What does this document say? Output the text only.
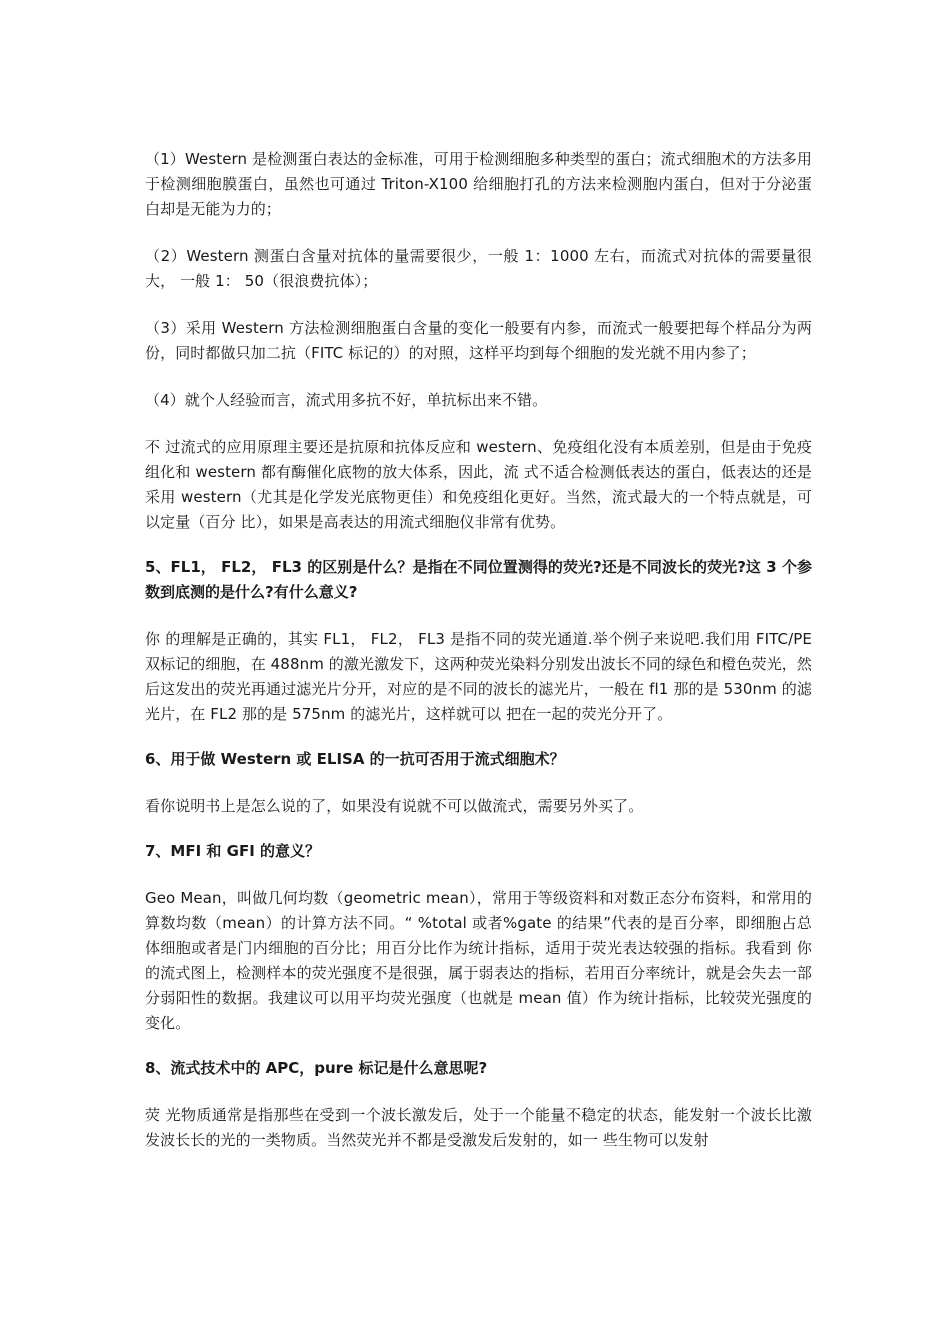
（1）Western 是检测蛋白表达的金标准，可用于检测细胞多种类型的蛋白；流式细胞术的方法多用于检测细胞膜蛋白，虽然也可通过 Triton-X100 给细胞打孔的方法来检测胞内蛋白，但对于分泌蛋白却是无能为力的；

（2）Western 测蛋白含量对抗体的量需要很少，一般 1：1000 左右，而流式对抗体的需要量很大， 一般 1： 50（很浪费抗体）；

（3）采用 Western 方法检测细胞蛋白含量的变化一般要有内参，而流式一般要把每个样品分为两份，同时都做只加二抗（FITC 标记的）的对照，这样平均到每个细胞的发光就不用内参了；

（4）就个人经验而言，流式用多抗不好，单抗标出来不错。

不 过流式的应用原理主要还是抗原和抗体反应和 western、免疫组化没有本质差别，但是由于免疫组化和 western 都有酶催化底物的放大体系，因此，流 式不适合检测低表达的蛋白，低表达的还是采用 western（尤其是化学发光底物更佳）和免疫组化更好。当然，流式最大的一个特点就是，可以定量（百分 比），如果是高表达的用流式细胞仪非常有优势。

5、FL1， FL2， FL3 的区别是什么？是指在不同位置测得的荧光?还是不同波长的荧光?这 3 个参数到底测的是什么?有什么意义?

你 的理解是正确的，其实 FL1， FL2， FL3 是指不同的荧光通道.举个例子来说吧.我们用 FITC/PE 双标记的细胞，在 488nm 的激光激发下，这两种荧光染料分别发出波长不同的绿色和橙色荧光，然后这发出的荧光再通过滤光片分开，对应的是不同的波长的滤光片，一般在 fl1 那的是 530nm 的滤光片，在 FL2 那的是 575nm 的滤光片，这样就可以 把在一起的荧光分开了。

6、用于做 Western 或 ELISA 的一抗可否用于流式细胞术？

看你说明书上是怎么说的了，如果没有说就不可以做流式，需要另外买了。

7、MFI 和 GFI 的意义？

Geo Mean，叫做几何均数（geometric mean），常用于等级资料和对数正态分布资料，和常用的算数均数（mean）的计算方法不同。“ %total 或者%gate 的结果”代表的是百分率，即细胞占总体细胞或者是门内细胞的百分比；用百分比作为统计指标，适用于荧光表达较强的指标。我看到 你的流式图上，检测样本的荧光强度不是很强，属于弱表达的指标，若用百分率统计，就是会失去一部分弱阳性的数据。我建议可以用平均荧光强度（也就是 mean 值）作为统计指标，比较荧光强度的变化。

8、流式技术中的 APC，pure 标记是什么意思呢?

荧 光物质通常是指那些在受到一个波长激发后，处于一个能量不稳定的状态，能发射一个波长比激发波长长的光的一类物质。当然荧光并不都是受激发后发射的，如一 些生物可以发射
